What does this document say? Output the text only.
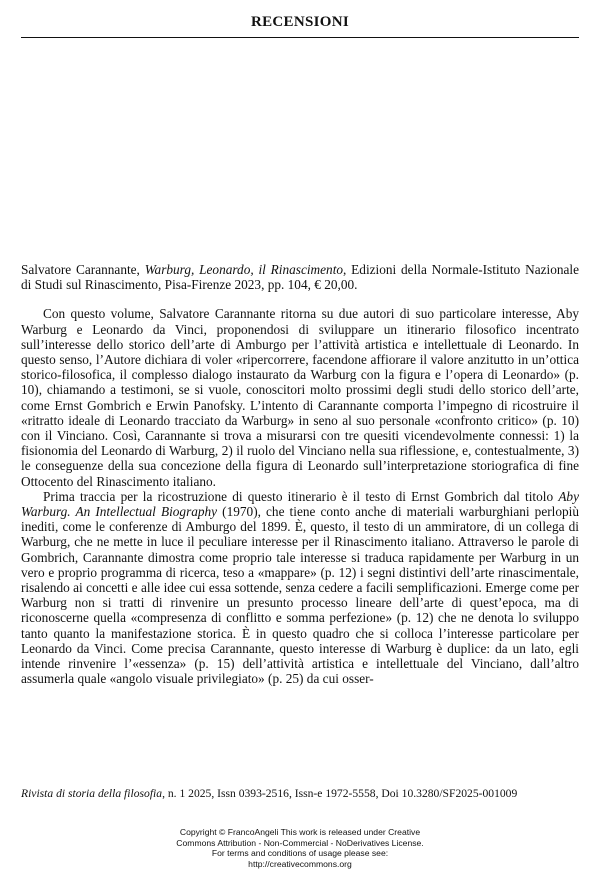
RECENSIONI

Salvatore Carannante, Warburg, Leonardo, il Rinascimento, Edizioni della Normale-Istituto Nazionale di Studi sul Rinascimento, Pisa-Firenze 2023, pp. 104, € 20,00.

Con questo volume, Salvatore Carannante ritorna su due autori di suo particolare interesse, Aby Warburg e Leonardo da Vinci, proponendosi di sviluppare un itinerario filosofico incentrato sull’interesse dello storico dell’arte di Amburgo per l’attività artistica e intellettuale di Leonardo. In questo senso, l’Autore dichiara di voler «ripercorrere, facendone affiorare il valore anzitutto in un’ottica storico-filosofica, il complesso dialogo instaurato da Warburg con la figura e l’opera di Leonardo» (p. 10), chiamando a testimoni, se si vuole, conoscitori molto prossimi degli studi dello storico dell’arte, come Ernst Gombrich e Erwin Panofsky. L’intento di Carannante comporta l’impegno di ricostruire il «ritratto ideale di Leonardo tracciato da Warburg» in seno al suo personale «confronto critico» (p. 10) con il Vinciano. Così, Carannante si trova a misurarsi con tre quesiti vicendevolmente connessi: 1) la fisionomia del Leonardo di Warburg, 2) il ruolo del Vinciano nella sua riflessione, e, contestualmente, 3) le conseguenze della sua concezione della figura di Leonardo sull’interpretazione storiografica di fine Ottocento del Rinascimento italiano.

Prima traccia per la ricostruzione di questo itinerario è il testo di Ernst Gombrich dal titolo Aby Warburg. An Intellectual Biography (1970), che tiene conto anche di materiali warburghiani perlopiù inediti, come le conferenze di Amburgo del 1899. È, questo, il testo di un ammiratore, di un collega di Warburg, che ne mette in luce il peculiare interesse per il Rinascimento italiano. Attraverso le parole di Gombrich, Carannante dimostra come proprio tale interesse si traduca rapidamente per Warburg in un vero e proprio programma di ricerca, teso a «mappare» (p. 12) i segni distintivi dell’arte rinascimentale, risalendo ai concetti e alle idee cui essa sottende, senza cedere a facili semplificazioni. Emerge come per Warburg non si tratti di rinvenire un presunto processo lineare dell’arte di quest’epoca, ma di riconoscerne quella «compresenza di conflitto e somma perfezione» (p. 12) che ne denota lo sviluppo tanto quanto la manifestazione storica. È in questo quadro che si colloca l’interesse particolare per Leonardo da Vinci. Come precisa Carannante, questo interesse di Warburg è duplice: da un lato, egli intende rinvenire l’«essenza» (p. 15) dell’attività artistica e intellettuale del Vinciano, dall’altro assumerla quale «angolo visuale privilegiato» (p. 25) da cui osser-

Rivista di storia della filosofia, n. 1 2025, Issn 0393-2516, Issn-e 1972-5558, Doi 10.3280/SF2025-001009
Copyright © FrancoAngeli This work is released under Creative
Commons Attribution - Non-Commercial - NoDerivatives License.
For terms and conditions of usage please see:
http://creativecommons.org
